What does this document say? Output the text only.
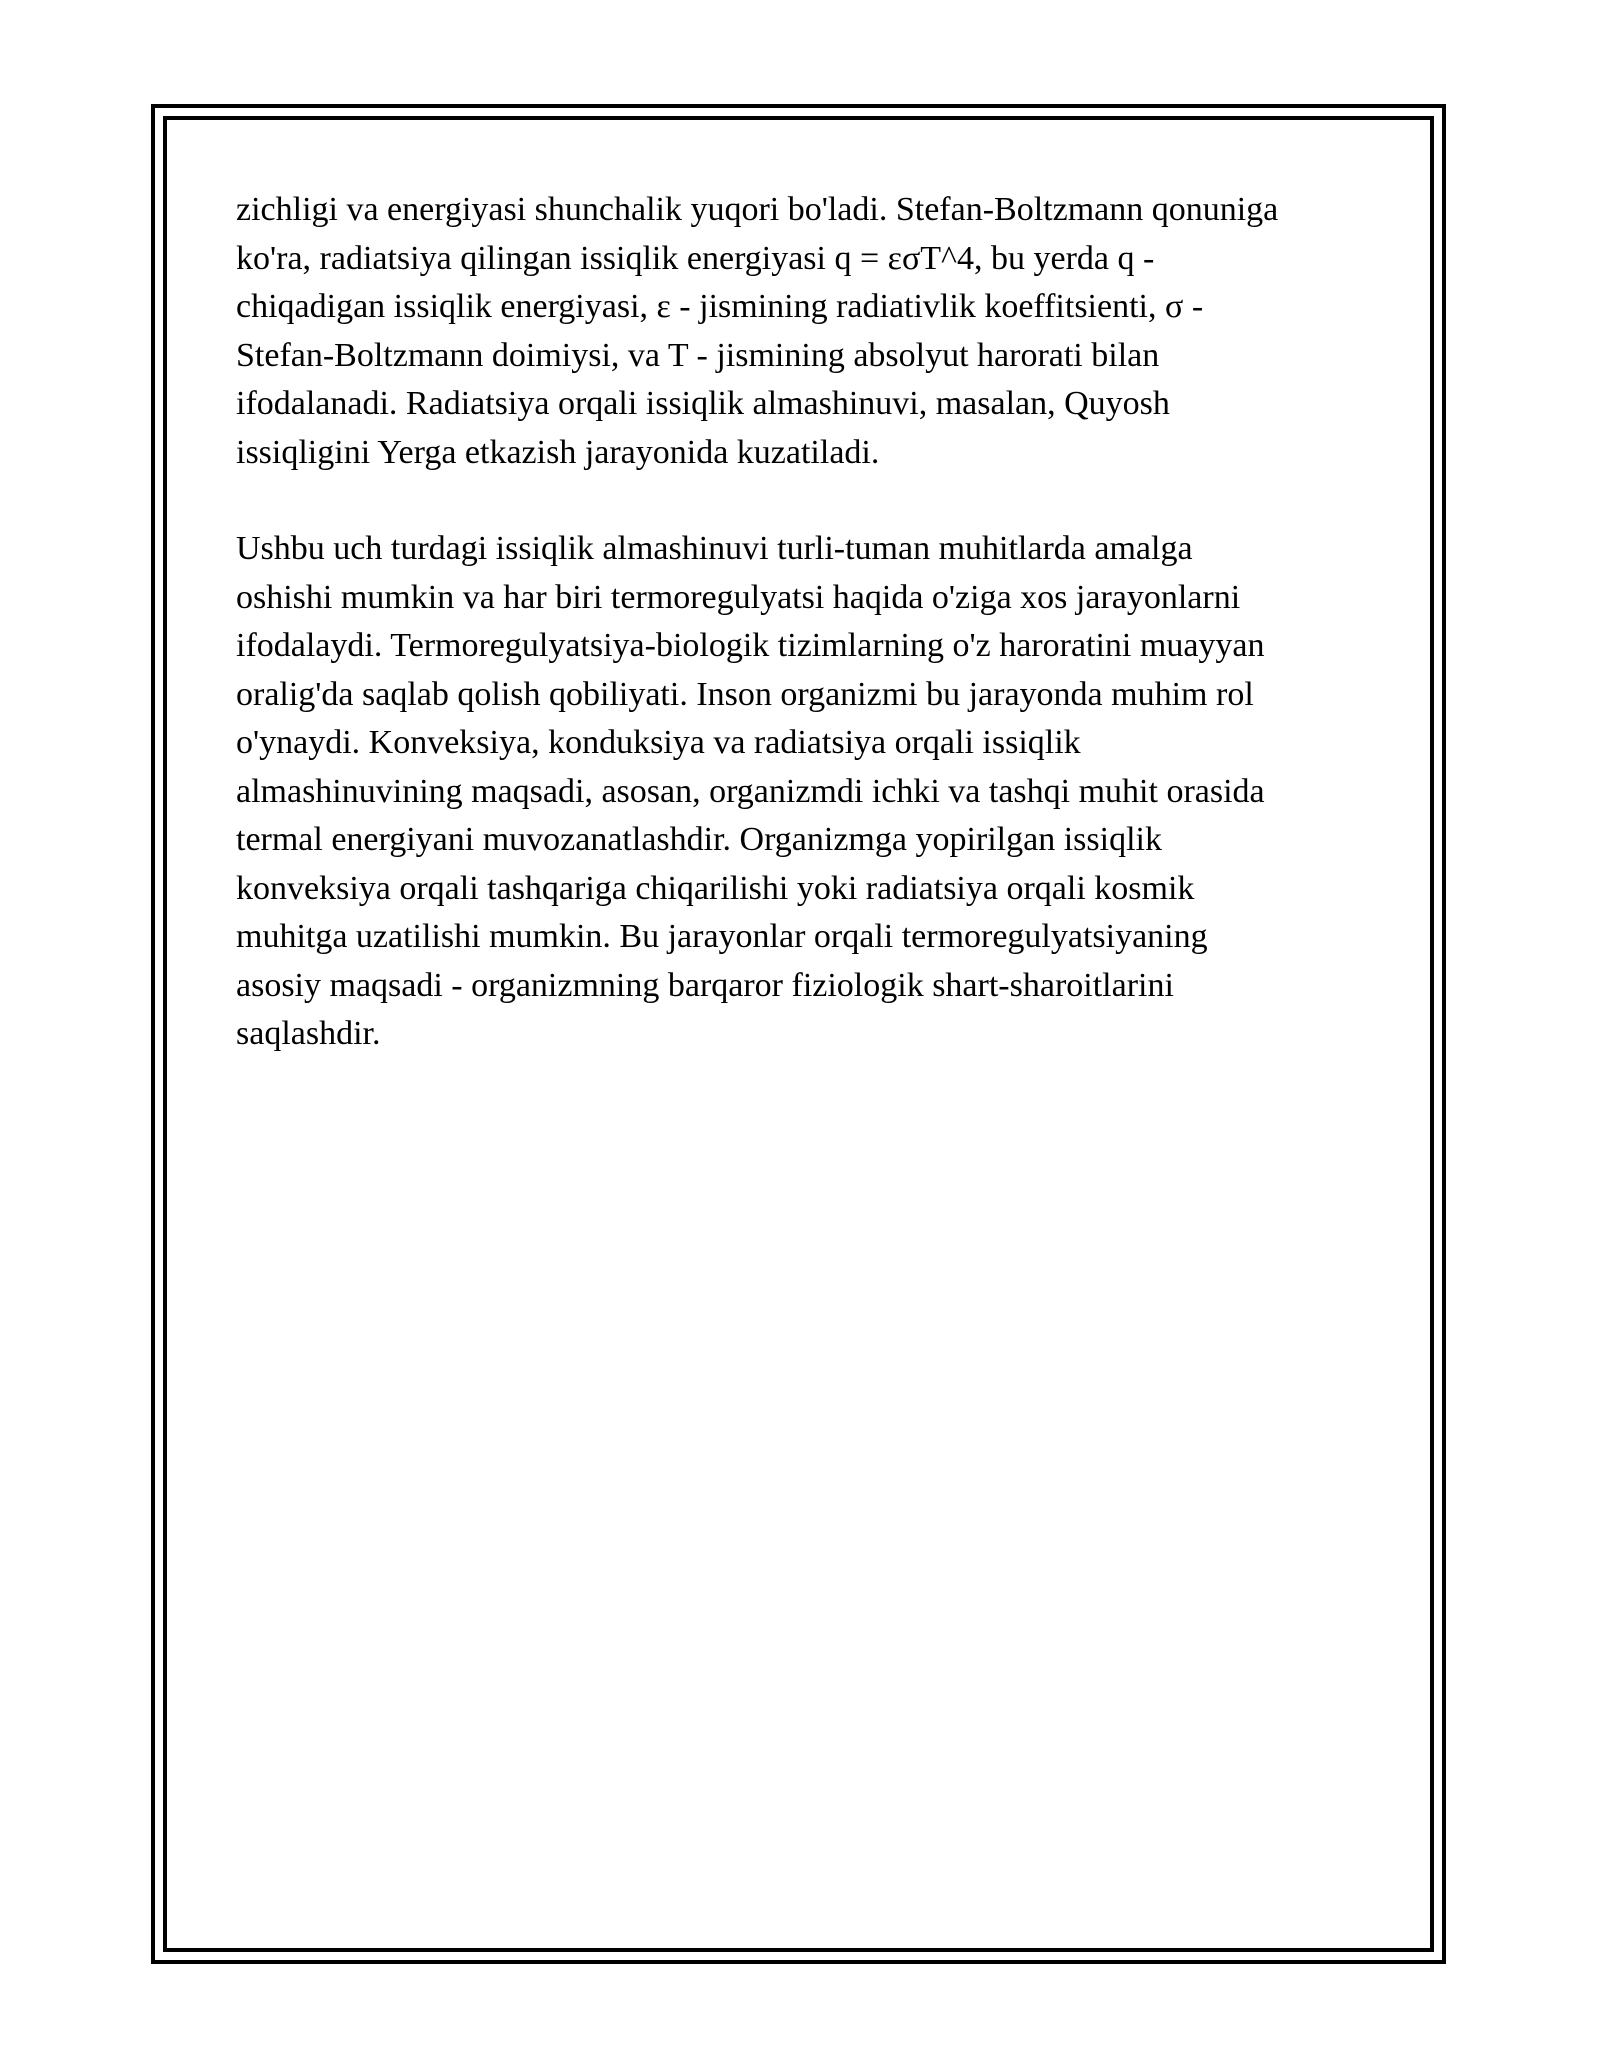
zichligi va energiyasi shunchalik yuqori bo'ladi. Stefan-Boltzmann qonuniga
ko'ra, radiatsiya qilingan issiqlik energiyasi q = εσT^4, bu yerda q -
chiqadigan issiqlik energiyasi, ε - jismining radiativlik koeffitsienti, σ -
Stefan-Boltzmann doimiysi, va T - jismining absolyut harorati bilan
ifodalanadi. Radiatsiya orqali issiqlik almashinuvi, masalan, Quyosh
issiqligini Yerga etkazish jarayonida kuzatiladi.

Ushbu uch turdagi issiqlik almashinuvi turli-tuman muhitlarda amalga
oshishi mumkin va har biri termoregulyatsi haqida o'ziga xos jarayonlarni
ifodalaydi. Termoregulyatsiya-biologik tizimlarning o'z haroratini muayyan
oralig'da saqlab qolish qobiliyati. Inson organizmi bu jarayonda muhim rol
o'ynaydi. Konveksiya, konduksiya va radiatsiya orqali issiqlik
almashinuvining maqsadi, asosan, organizmdi ichki va tashqi muhit orasida
termal energiyani muvozanatlashdir. Organizmga yopirilgan issiqlik
konveksiya orqali tashqariga chiqarilishi yoki radiatsiya orqali kosmik
muhitga uzatilishi mumkin. Bu jarayonlar orqali termoregulyatsiyaning
asosiy maqsadi - organizmning barqaror fiziologik shart-sharoitlarini
saqlashdir.
